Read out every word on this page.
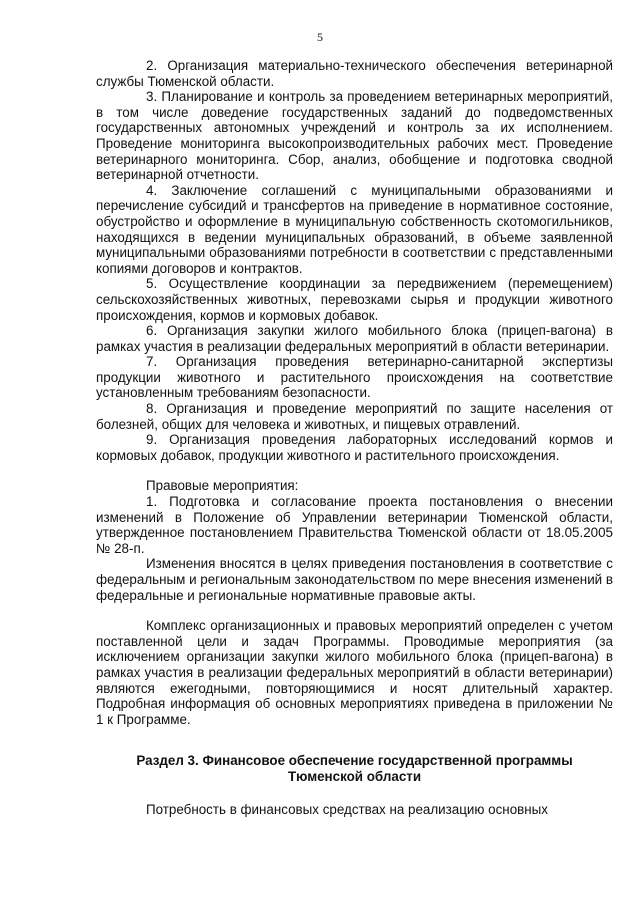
5

2. Организация материально-технического обеспечения ветеринарной службы Тюменской области.

3. Планирование и контроль за проведением ветеринарных мероприятий, в том числе доведение государственных заданий до подведомственных государственных автономных учреждений и контроль за их исполнением. Проведение мониторинга высокопроизводительных рабочих мест. Проведение ветеринарного мониторинга. Сбор, анализ, обобщение и подготовка сводной ветеринарной отчетности.

4. Заключение соглашений с муниципальными образованиями и перечисление субсидий и трансфертов на приведение в нормативное состояние, обустройство и оформление в муниципальную собственность скотомогильников, находящихся в ведении муниципальных образований, в объеме заявленной муниципальными образованиями потребности в соответствии с представленными копиями договоров и контрактов.

5. Осуществление координации за передвижением (перемещением) сельскохозяйственных животных, перевозками сырья и продукции животного происхождения, кормов и кормовых добавок.

6. Организация закупки жилого мобильного блока (прицеп-вагона) в рамках участия в реализации федеральных мероприятий в области ветеринарии.

7. Организация проведения ветеринарно-санитарной экспертизы продукции животного и растительного происхождения на соответствие установленным требованиям безопасности.

8. Организация и проведение мероприятий по защите населения от болезней, общих для человека и животных, и пищевых отравлений.

9. Организация проведения лабораторных исследований кормов и кормовых добавок, продукции животного и растительного происхождения.

Правовые мероприятия:

1. Подготовка и согласование проекта постановления о внесении изменений в Положение об Управлении ветеринарии Тюменской области, утвержденное постановлением Правительства Тюменской области от 18.05.2005 № 28-п.

Изменения вносятся в целях приведения постановления в соответствие с федеральным и региональным законодательством по мере внесения изменений в федеральные и региональные нормативные правовые акты.

Комплекс организационных и правовых мероприятий определен с учетом поставленной цели и задач Программы. Проводимые мероприятия (за исключением организации закупки жилого мобильного блока (прицеп-вагона) в рамках участия в реализации федеральных мероприятий в области ветеринарии) являются ежегодными, повторяющимися и носят длительный характер. Подробная информация об основных мероприятиях приведена в приложении № 1 к Программе.

Раздел 3. Финансовое обеспечение государственной программы
Тюменской области

Потребность в финансовых средствах на реализацию основных
